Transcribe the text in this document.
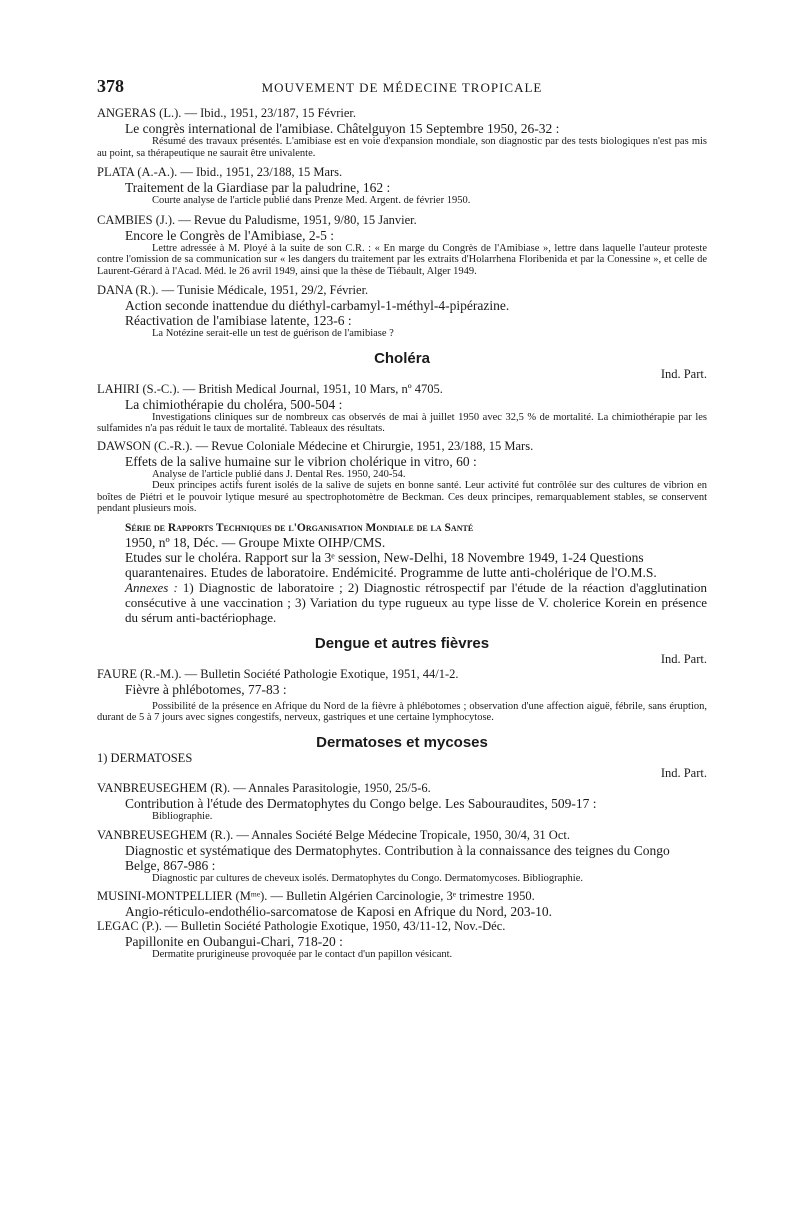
378	MOUVEMENT DE MÉDECINE TROPICALE
ANGERAS (L.). — Ibid., 1951, 23/187, 15 Février.
Le congrès international de l'amibiase. Châtelguyon 15 Septembre 1950, 26-32 :
Résumé des travaux présentés. L'amibiase est en voie d'expansion mondiale, son diagnostic par des tests biologiques n'est pas mis au point, sa thérapeutique ne saurait être univalente.
PLATA (A.-A.). — Ibid., 1951, 23/188, 15 Mars.
Traitement de la Giardiase par la paludrine, 162 :
Courte analyse de l'article publié dans Prenze Med. Argent. de février 1950.
CAMBIES (J.). — Revue du Paludisme, 1951, 9/80, 15 Janvier.
Encore le Congrès de l'Amibiase, 2-5 :
Lettre adressée à M. Ployé à la suite de son C.R. : « En marge du Congrès de l'Amibiase », lettre dans laquelle l'auteur proteste contre l'omission de sa communication sur « les dangers du traitement par les extraits d'Holarrhena Floribenida et par la Conessine », et celle de Laurent-Gérard à l'Acad. Méd. le 26 avril 1949, ainsi que la thèse de Tiébault, Alger 1949.
DANA (R.). — Tunisie Médicale, 1951, 29/2, Février.
Action seconde inattendue du diéthyl-carbamyl-1-méthyl-4-pipérazine.
Réactivation de l'amibiase latente, 123-6 :
La Notézine serait-elle un test de guérison de l'amibiase ?
Choléra
Ind. Part.
LAHIRI (S.-C.). — British Medical Journal, 1951, 10 Mars, nº 4705.
La chimiothérapie du choléra, 500-504 :
Investigations cliniques sur de nombreux cas observés de mai à juillet 1950 avec 32,5 % de mortalité. La chimiothérapie par les sulfamides n'a pas réduit le taux de mortalité. Tableaux des résultats.
DAWSON (C.-R.). — Revue Coloniale Médecine et Chirurgie, 1951, 23/188, 15 Mars.
Effets de la salive humaine sur le vibrion cholérique in vitro, 60 :
Analyse de l'article publié dans J. Dental Res. 1950, 240-54.
Deux principes actifs furent isolés de la salive de sujets en bonne santé. Leur activité fut contrôlée sur des cultures de vibrion en boîtes de Piétri et le pouvoir lytique mesuré au spectrophotomètre de Beckman. Ces deux principes, remarquablement stables, se conservent pendant plusieurs mois.
Série de Rapports Techniques de l'Organisation Mondiale de la Santé
1950, nº 18, Déc. — Groupe Mixte OIHP/CMS.
Etudes sur le choléra. Rapport sur la 3ᵉ session, New-Delhi, 18 Novembre 1949, 1-24 Questions quarantenaires. Etudes de laboratoire. Endémicité. Programme de lutte anti-cholérique de l'O.M.S.
Annexes : 1) Diagnostic de laboratoire ; 2) Diagnostic rétrospectif par l'étude de la réaction d'agglutination consécutive à une vaccination ; 3) Variation du type rugueux au type lisse de V. cholerice Korein en présence du sérum anti-bactériophage.
Dengue et autres fièvres
Ind. Part.
FAURE (R.-M.). — Bulletin Société Pathologie Exotique, 1951, 44/1-2.
Fièvre à phlébotomes, 77-83 :
Possibilité de la présence en Afrique du Nord de la fièvre à phlébotomes ; observation d'une affection aiguë, fébrile, sans éruption, durant de 5 à 7 jours avec signes congestifs, nerveux, gastriques et une certaine lymphocytose.
Dermatoses et mycoses
1) DERMATOSES
Ind. Part.
VANBREUSEGHEM (R). — Annales Parasitologie, 1950, 25/5-6.
Contribution à l'étude des Dermatophytes du Congo belge. Les Sabouraudites, 509-17 :
Bibliographie.
VANBREUSEGHEM (R.). — Annales Société Belge Médecine Tropicale, 1950, 30/4, 31 Oct.
Diagnostic et systématique des Dermatophytes. Contribution à la connaissance des teignes du Congo Belge, 867-986 :
Diagnostic par cultures de cheveux isolés. Dermatophytes du Congo. Dermatomycoses. Bibliographie.
MUSINI-MONTPELLIER (Mᵐᵉ). — Bulletin Algérien Carcinologie, 3ᵉ trimestre 1950.
Angio-réticulo-endothélio-sarcomatose de Kaposi en Afrique du Nord, 203-10.
LEGAC (P.). — Bulletin Société Pathologie Exotique, 1950, 43/11-12, Nov.-Déc.
Papillonite en Oubangui-Chari, 718-20 :
Dermatite prurigineuse provoquée par le contact d'un papillon vésicant.
